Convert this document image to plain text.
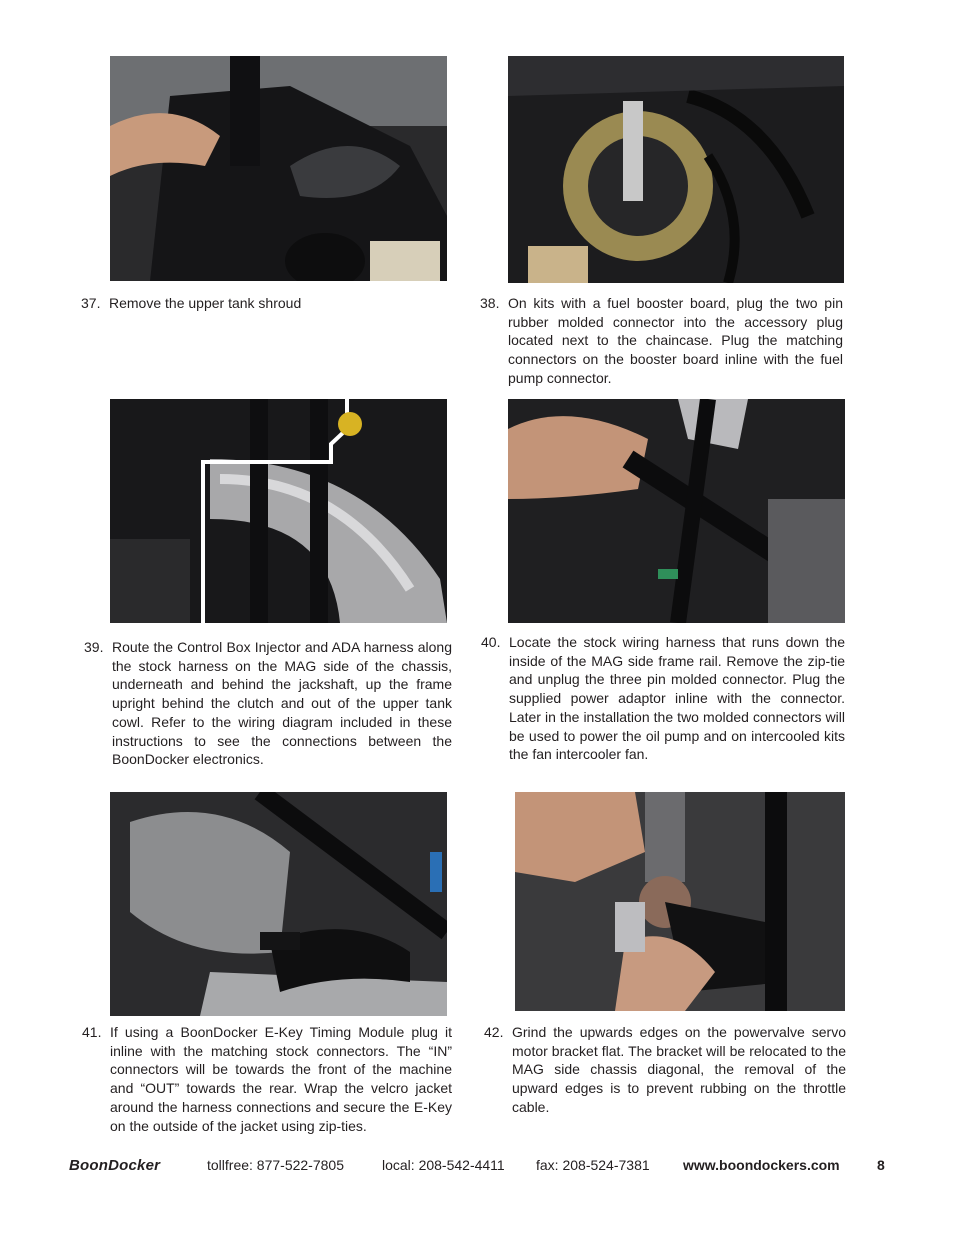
37. Remove the upper tank shroud	38. On kits with a fuel booster board, plug the two pin rubber molded connector into the accessory plug located next to the chaincase. Plug the matching connectors on the booster board inline with the fuel pump connector.
39. Route the Control Box Injector and ADA harness along the stock harness on the MAG side of the chassis, underneath and behind the jackshaft, up the frame upright behind the clutch and out of the upper tank cowl. Refer to the wiring diagram included in these instructions to see the connections between the BoonDocker electronics.
40. Locate the stock wiring harness that runs down the inside of the MAG side frame rail. Remove the zip-tie and unplug the three pin molded connector. Plug the supplied power adaptor inline with the connector. Later in the installation the two molded connectors will be used to power the oil pump and on intercooled kits the fan intercooler fan.
41. If using a BoonDocker E-Key Timing Module plug it inline with the matching stock connectors. The “IN” connectors will be towards the front of the machine and “OUT” towards the rear. Wrap the velcro jacket around the harness connections and secure the E-Key on the outside of the jacket using zip-ties.
42. Grind the upwards edges on the powervalve servo motor bracket flat. The bracket will be relocated to the MAG side chassis diagonal, the removal of the upward edges is to prevent rubbing on the throttle cable.
BoonDocker	tollfree: 877-522-7805	local: 208-542-4411 fax: 208-524-7381 www.boondockers.com	8
